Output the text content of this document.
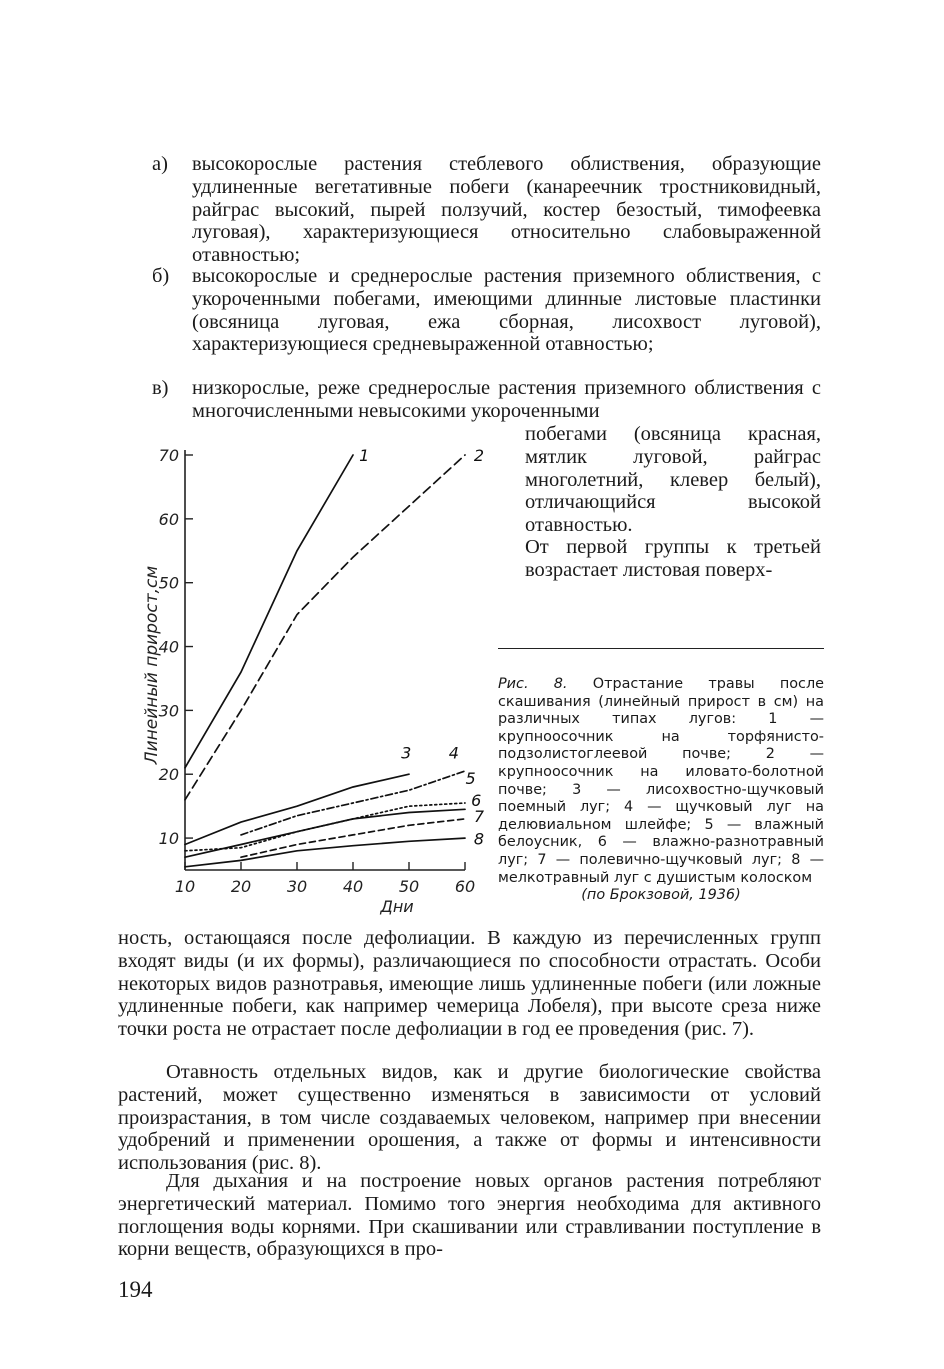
а) высокорослые растения стеблевого облиствения, образующие удлиненные вегетативные побеги (канареечник тростниковидный, райграс высокий, пырей ползучий, костер безостый, тимофеевка луговая), характеризующиеся относительно слабовыраженной отавностью;
б) высокорослые и среднерослые растения приземного облиствения, с укороченными побегами, имеющими длинные листовые пластинки (овсяница луговая, ежа сборная, лисохвост луговой), характеризующиеся средневыраженной отавностью;
в) низкорослые, реже среднерослые растения приземного облиствения с многочисленными невысокими укороченными
побегами (овсяница красная, мятлик луговой, райграс многолетний, клевер белый), отличающийся высокой отавностью.
От первой группы к третьей возрастает листовая поверх-
10
20
30
40
50
60
70
10 20 30 40 50 60
Дни
Линейный прирост,см
1	2
3 4
5
6
7
8
Рис. 8. Отрастание травы после скашивания (линейный прирост в см) на различных типах лугов: 1 — крупноосочник на торфянисто-подзолистоглеевой почве; 2 — крупноосочник на иловато-болотной почве; 3 — лисохвостно-щучковый поемный луг; 4 — щучковый луг на делювиальном шлейфе; 5 — влажный белоусник, 6 — влажно-разнотравный луг; 7 — полевично-щучковый луг; 8 — мелкотравный луг с душистым колоском
(по Брокзовой, 1936)
ность, остающаяся после дефолиации. В каждую из перечисленных групп входят виды (и их формы), различающиеся по способности отрастать. Особи некоторых видов разнотравья, имеющие лишь удлиненные побеги (или ложные удлиненные побеги, как например чемерица Лобеля), при высоте среза ниже точки роста не отрастает после дефолиации в год ее проведения (рис. 7).
Отавность отдельных видов, как и другие биологические свойства растений, может существенно изменяться в зависимости от условий произрастания, в том числе создаваемых человеком, например при внесении удобрений и применении орошения, а также от формы и интенсивности использования (рис. 8).
Для дыхания и на построение новых органов растения потребляют энергетический материал. Помимо того энергия необходима для активного поглощения воды корнями. При скашивании или стравливании поступление в корни веществ, образующихся в про-
194
